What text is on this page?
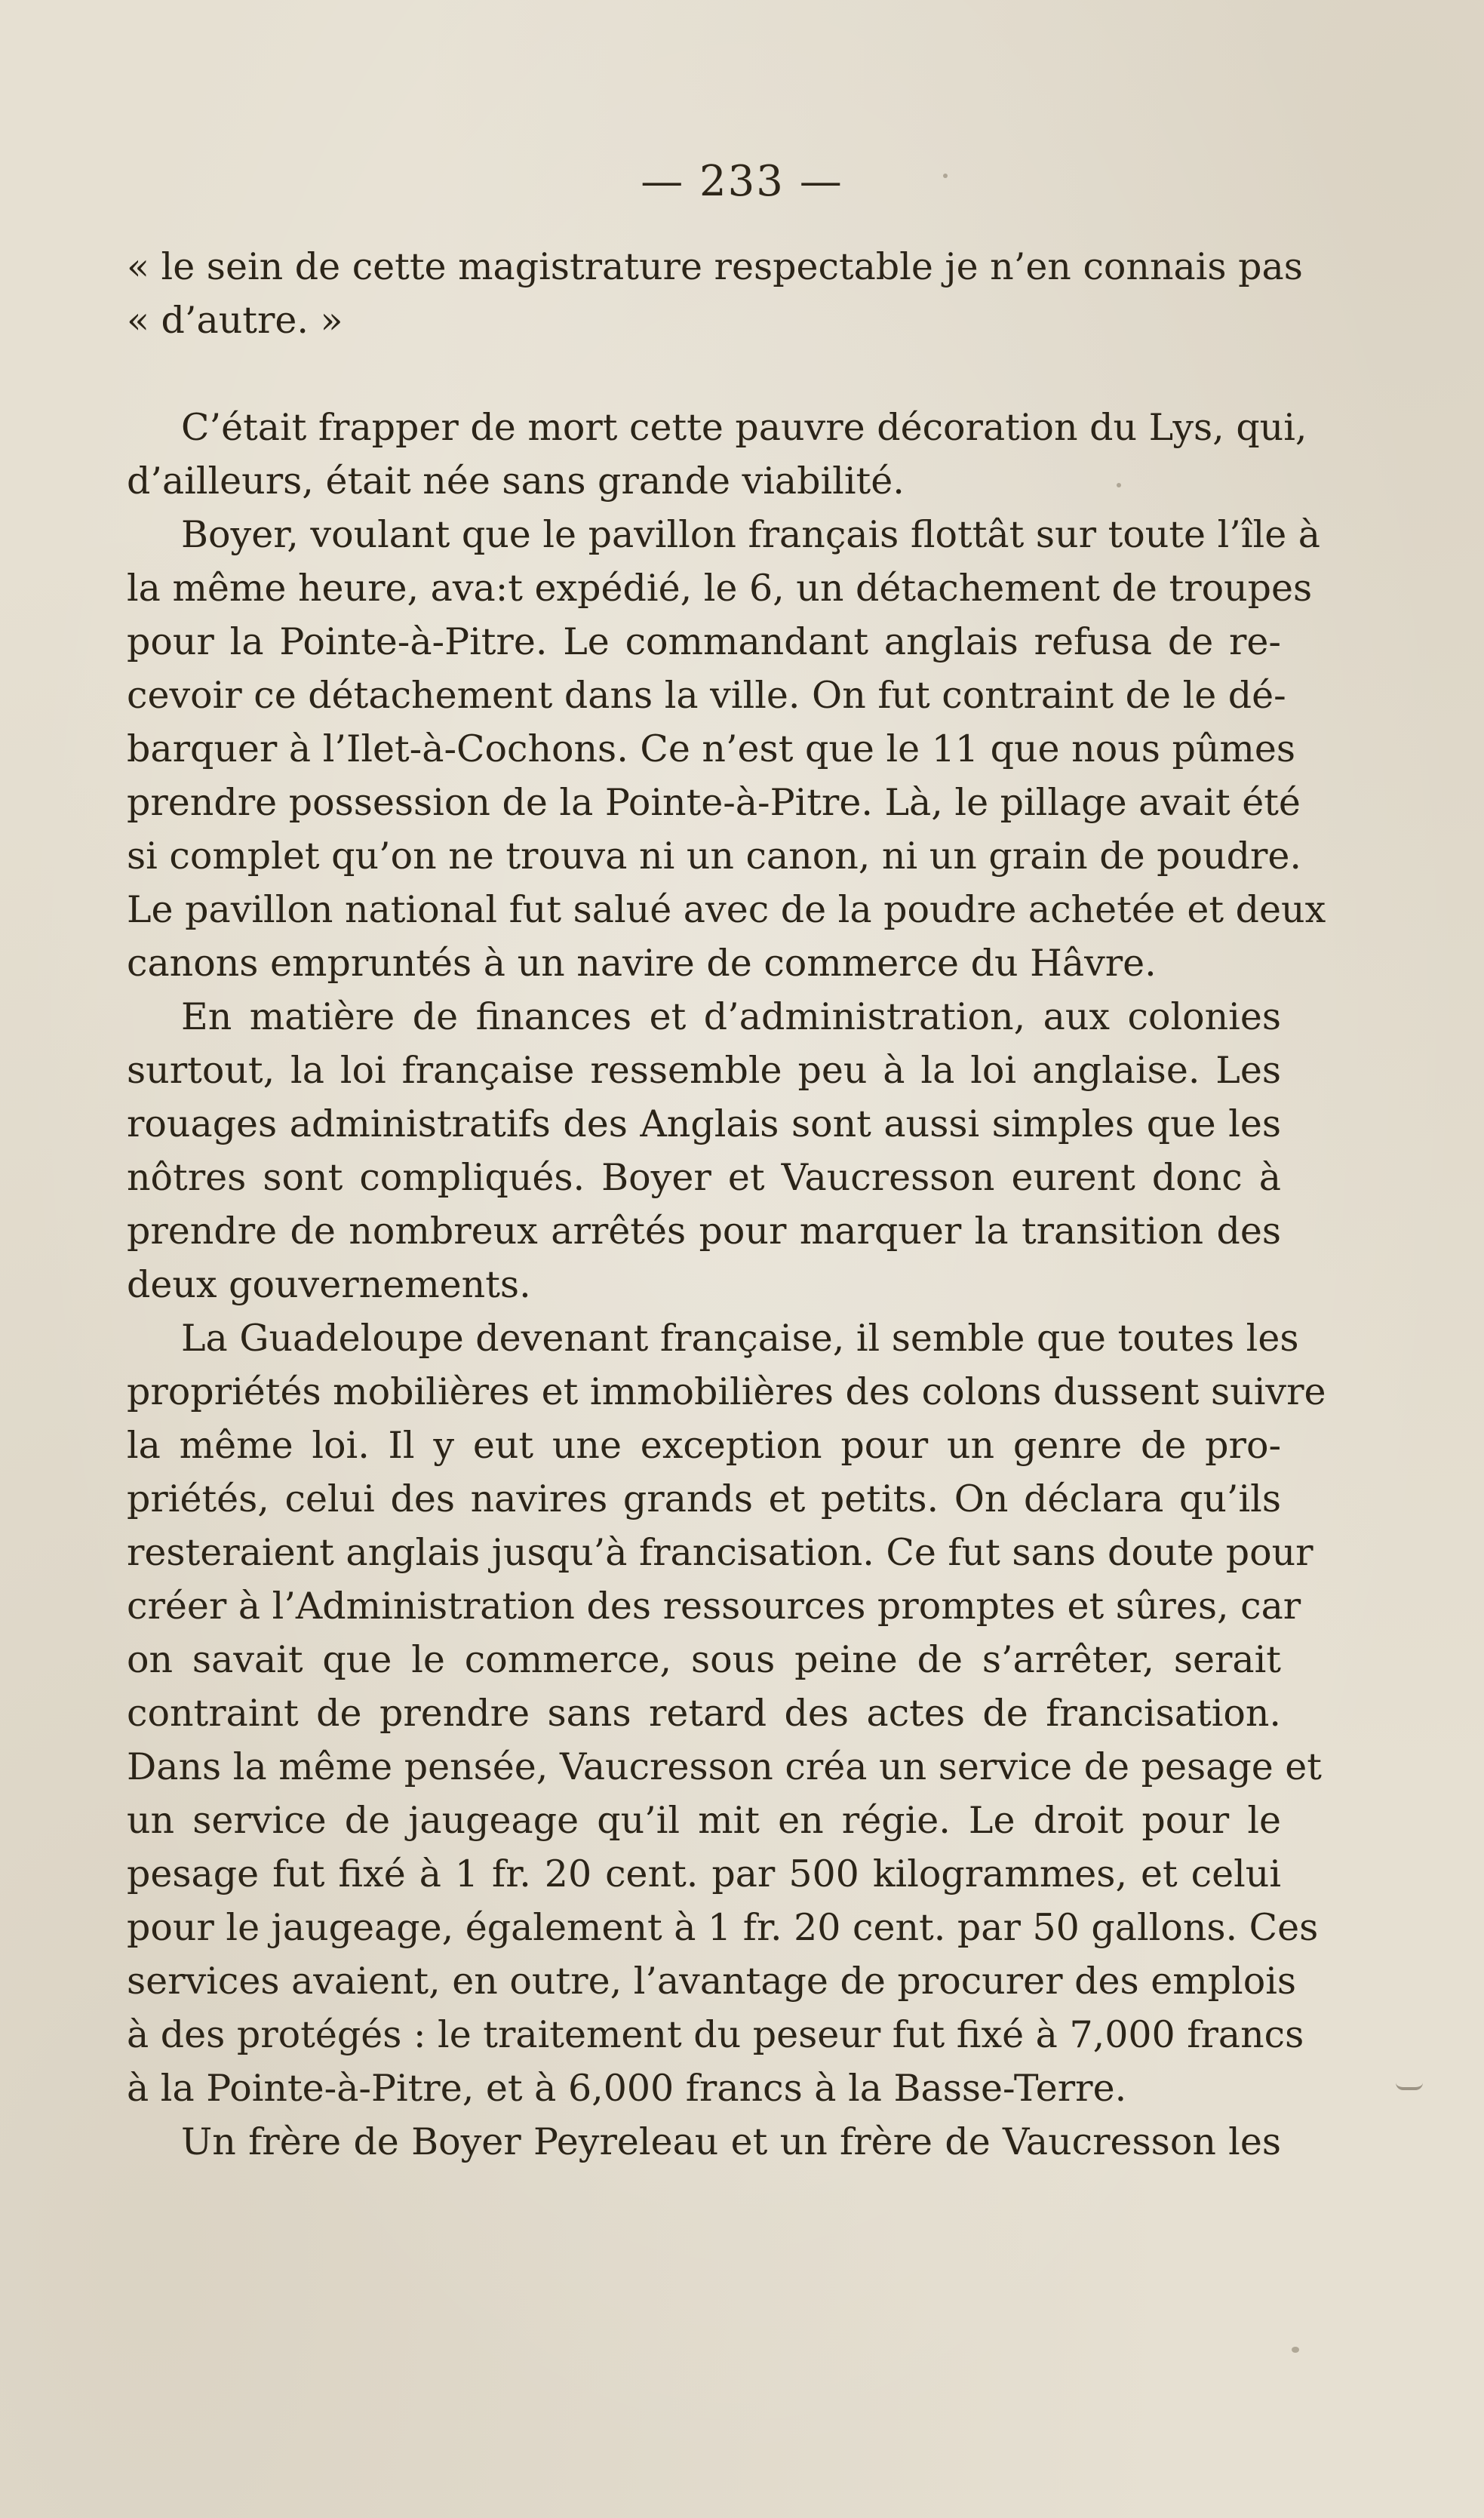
— 233 —
« le sein de cette magistrature respectable je n’en connais pas
« d’autre. »
C’était frapper de mort cette pauvre décoration du Lys, qui,
d’ailleurs, était née sans grande viabilité.
Boyer, voulant que le pavillon français flottât sur toute l’île à
la même heure, ava:t expédié, le 6, un détachement de troupes
pour la Pointe-à-Pitre. Le commandant anglais refusa de re-
cevoir ce détachement dans la ville. On fut contraint de le dé-
barquer à l’Ilet-à-Cochons. Ce n’est que le 11 que nous pûmes
prendre possession de la Pointe-à-Pitre. Là, le pillage avait été
si complet qu’on ne trouva ni un canon, ni un grain de poudre.
Le pavillon national fut salué avec de la poudre achetée et deux
canons empruntés à un navire de commerce du Hâvre.
En matière de finances et d’administration, aux colonies
surtout, la loi française ressemble peu à la loi anglaise. Les
rouages administratifs des Anglais sont aussi simples que les
nôtres sont compliqués. Boyer et Vaucresson eurent donc à
prendre de nombreux arrêtés pour marquer la transition des
deux gouvernements.
La Guadeloupe devenant française, il semble que toutes les
propriétés mobilières et immobilières des colons dussent suivre
la même loi. Il y eut une exception pour un genre de pro-
priétés, celui des navires grands et petits. On déclara qu’ils
resteraient anglais jusqu’à francisation. Ce fut sans doute pour
créer à l’Administration des ressources promptes et sûres, car
on savait que le commerce, sous peine de s’arrêter, serait
contraint de prendre sans retard des actes de francisation.
Dans la même pensée, Vaucresson créa un service de pesage et
un service de jaugeage qu’il mit en régie. Le droit pour le
pesage fut fixé à 1 fr. 20 cent. par 500 kilogrammes, et celui
pour le jaugeage, également à 1 fr. 20 cent. par 50 gallons. Ces
services avaient, en outre, l’avantage de procurer des emplois
à des protégés : le traitement du peseur fut fixé à 7,000 francs
à la Pointe-à-Pitre, et à 6,000 francs à la Basse-Terre.
Un frère de Boyer Peyreleau et un frère de Vaucresson les
